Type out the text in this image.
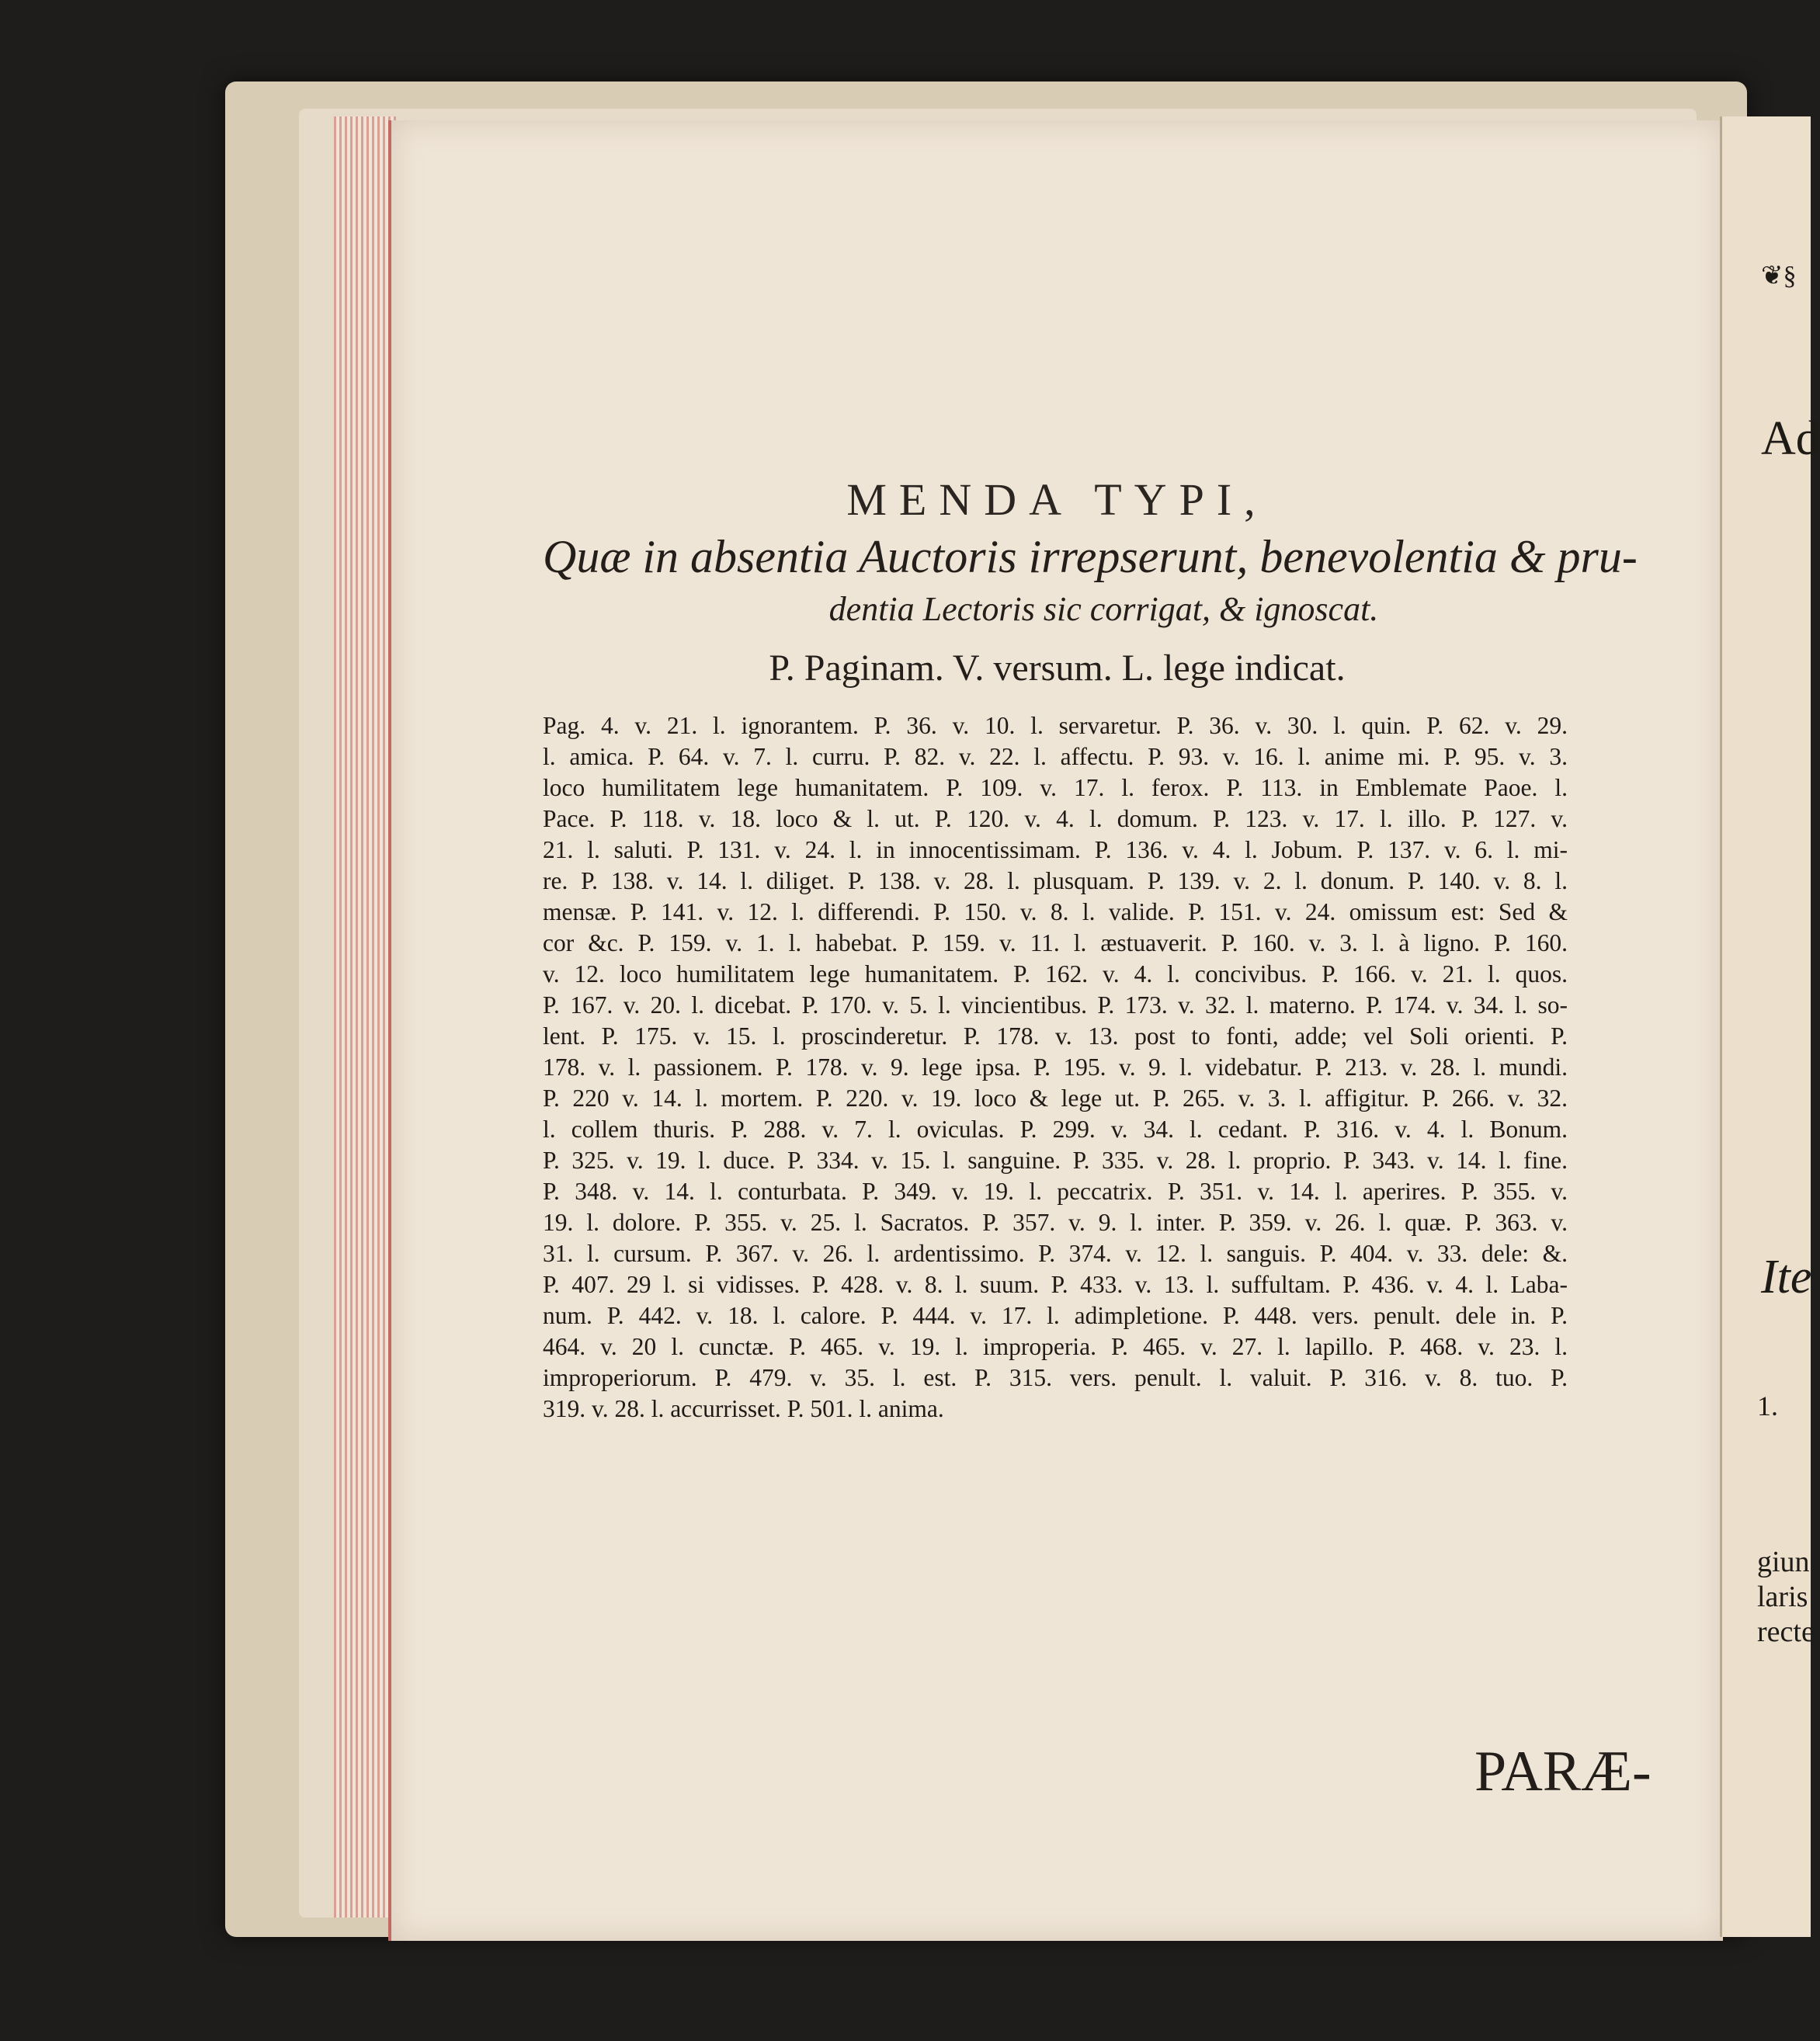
MENDA TYPI,
Quæ in absentia Auctoris irrepserunt, benevolentia & pru-
dentia Lectoris sic corrigat, & ignoscat.
P. Paginam. V. versum. L. lege indicat.
Pag. 4. v. 21. l. ignorantem. P. 36. v. 10. l. servaretur. P. 36. v. 30. l. quin. P. 62. v. 29.
l. amica. P. 64. v. 7. l. curru. P. 82. v. 22. l. affectu. P. 93. v. 16. l. anime mi. P. 95. v. 3.
loco humilitatem lege humanitatem. P. 109. v. 17. l. ferox. P. 113. in Emblemate Paoe. l.
Pace. P. 118. v. 18. loco & l. ut. P. 120. v. 4. l. domum. P. 123. v. 17. l. illo. P. 127. v.
21. l. saluti. P. 131. v. 24. l. in innocentissimam. P. 136. v. 4. l. Jobum. P. 137. v. 6. l. mi-
re. P. 138. v. 14. l. diliget. P. 138. v. 28. l. plusquam. P. 139. v. 2. l. donum. P. 140. v. 8. l.
mensæ. P. 141. v. 12. l. differendi. P. 150. v. 8. l. valide. P. 151. v. 24. omissum est: Sed &
cor &c. P. 159. v. 1. l. habebat. P. 159. v. 11. l. æstuaverit. P. 160. v. 3. l. à ligno. P. 160.
v. 12. loco humilitatem lege humanitatem. P. 162. v. 4. l. concivibus. P. 166. v. 21. l. quos.
P. 167. v. 20. l. dicebat. P. 170. v. 5. l. vincientibus. P. 173. v. 32. l. materno. P. 174. v. 34. l. so-
lent. P. 175. v. 15. l. proscinderetur. P. 178. v. 13. post to fonti, adde; vel Soli orienti. P.
178. v. l. passionem. P. 178. v. 9. lege ipsa. P. 195. v. 9. l. videbatur. P. 213. v. 28. l. mundi.
P. 220 v. 14. l. mortem. P. 220. v. 19. loco & lege ut. P. 265. v. 3. l. affigitur. P. 266. v. 32.
l. collem thuris. P. 288. v. 7. l. oviculas. P. 299. v. 34. l. cedant. P. 316. v. 4. l. Bonum.
P. 325. v. 19. l. duce. P. 334. v. 15. l. sanguine. P. 335. v. 28. l. proprio. P. 343. v. 14. l. fine.
P. 348. v. 14. l. conturbata. P. 349. v. 19. l. peccatrix. P. 351. v. 14. l. aperires. P. 355. v.
19. l. dolore. P. 355. v. 25. l. Sacratos. P. 357. v. 9. l. inter. P. 359. v. 26. l. quæ. P. 363. v.
31. l. cursum. P. 367. v. 26. l. ardentissimo. P. 374. v. 12. l. sanguis. P. 404. v. 33. dele: &.
P. 407. 29 l. si vidisses. P. 428. v. 8. l. suum. P. 433. v. 13. l. suffultam. P. 436. v. 4. l. Laba-
num. P. 442. v. 18. l. calore. P. 444. v. 17. l. adimpletione. P. 448. vers. penult. dele in. P.
464. v. 20 l. cunctæ. P. 465. v. 19. l. improperia. P. 465. v. 27. l. lapillo. P. 468. v. 23. l.
improperiorum. P. 479. v. 35. l. est. P. 315. vers. penult. l. valuit. P. 316. v. 8. tuo. P.
319. v. 28. l. accurrisset. P. 501. l. anima.
PARÆ-
❦§
Ad
Ite
1.
giun
laris
recte
